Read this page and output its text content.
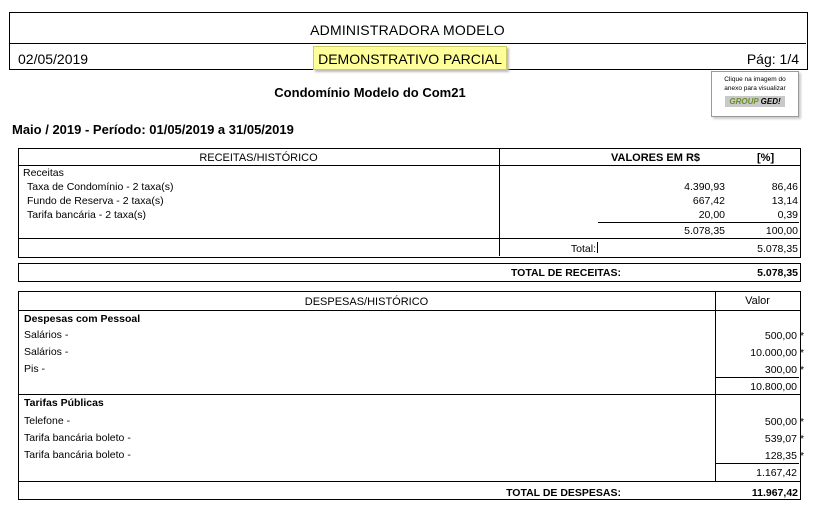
ADMINISTRADORA MODELO
02/05/2019	Pág: 1/4
DEMONSTRATIVO PARCIAL
Clique na imagem do
anexo para visualizar
GROUP GED!
Condomínio Modelo do Com21
Maio / 2019 - Período: 01/05/2019 a 31/05/2019
RECEITAS/HISTÓRICO	VALORES EM R$	[%]
Receitas
Taxa de Condomínio - 2 taxa(s)	4.390,93	86,46
Fundo de Reserva - 2 taxa(s)	667,42	13,14
Tarifa bancária - 2 taxa(s)	20,00	0,39
5.078,35	100,00
Total:	5.078,35
TOTAL DE RECEITAS:	5.078,35
DESPESAS/HISTÓRICO	Valor
Despesas com Pessoal
Salários -	500,00 *
Salários -	10.000,00 *
Pis -	300,00 *
10.800,00
Tarifas Públicas
Telefone -	500,00 *
Tarifa bancária boleto -	539,07 *
Tarifa bancária boleto -	128,35 *
1.167,42
TOTAL DE DESPESAS:	11.967,42
